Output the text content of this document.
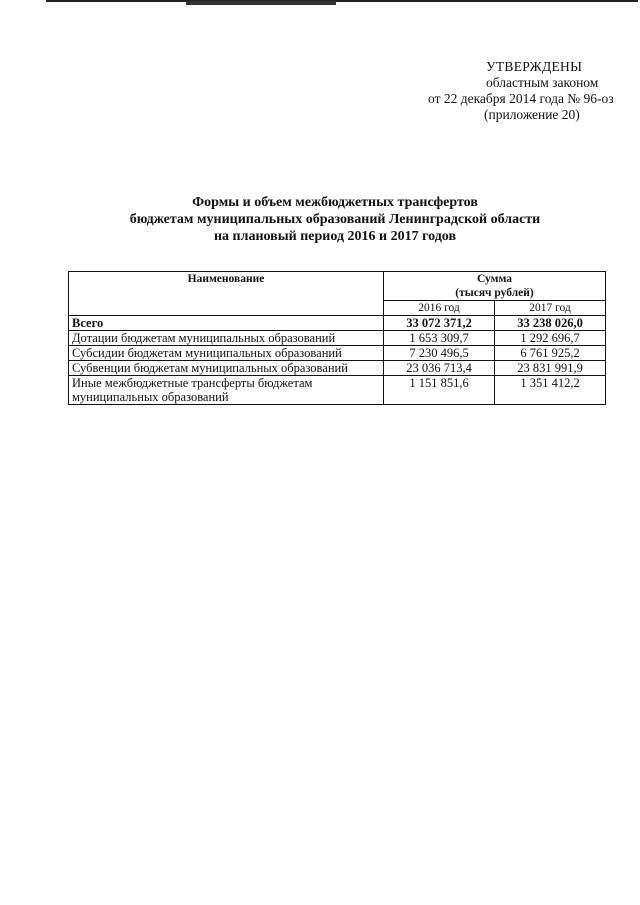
УТВЕРЖДЕНЫ
областным законом
от 22 декабря 2014 года № 96-оз
(приложение 20)
Формы и объем межбюджетных трансфертов
бюджетам муниципальных образований Ленинградской области
на плановый период 2016 и 2017 годов
Наименование	Сумма
(тысяч рублей)	

	2016 год	2017 год
Всего	33 072 371,2	33 238 026,0
Дотации бюджетам муниципальных образований	1 653 309,7	1 292 696,7
Субсидии бюджетам муниципальных образований	7 230 496,5	6 761 925,2
Субвенции бюджетам муниципальных образований	23 036 713,4	23 831 991,9
Иные межбюджетные трансферты бюджетам муниципальных образований	1 151 851,6	1 351 412,2
